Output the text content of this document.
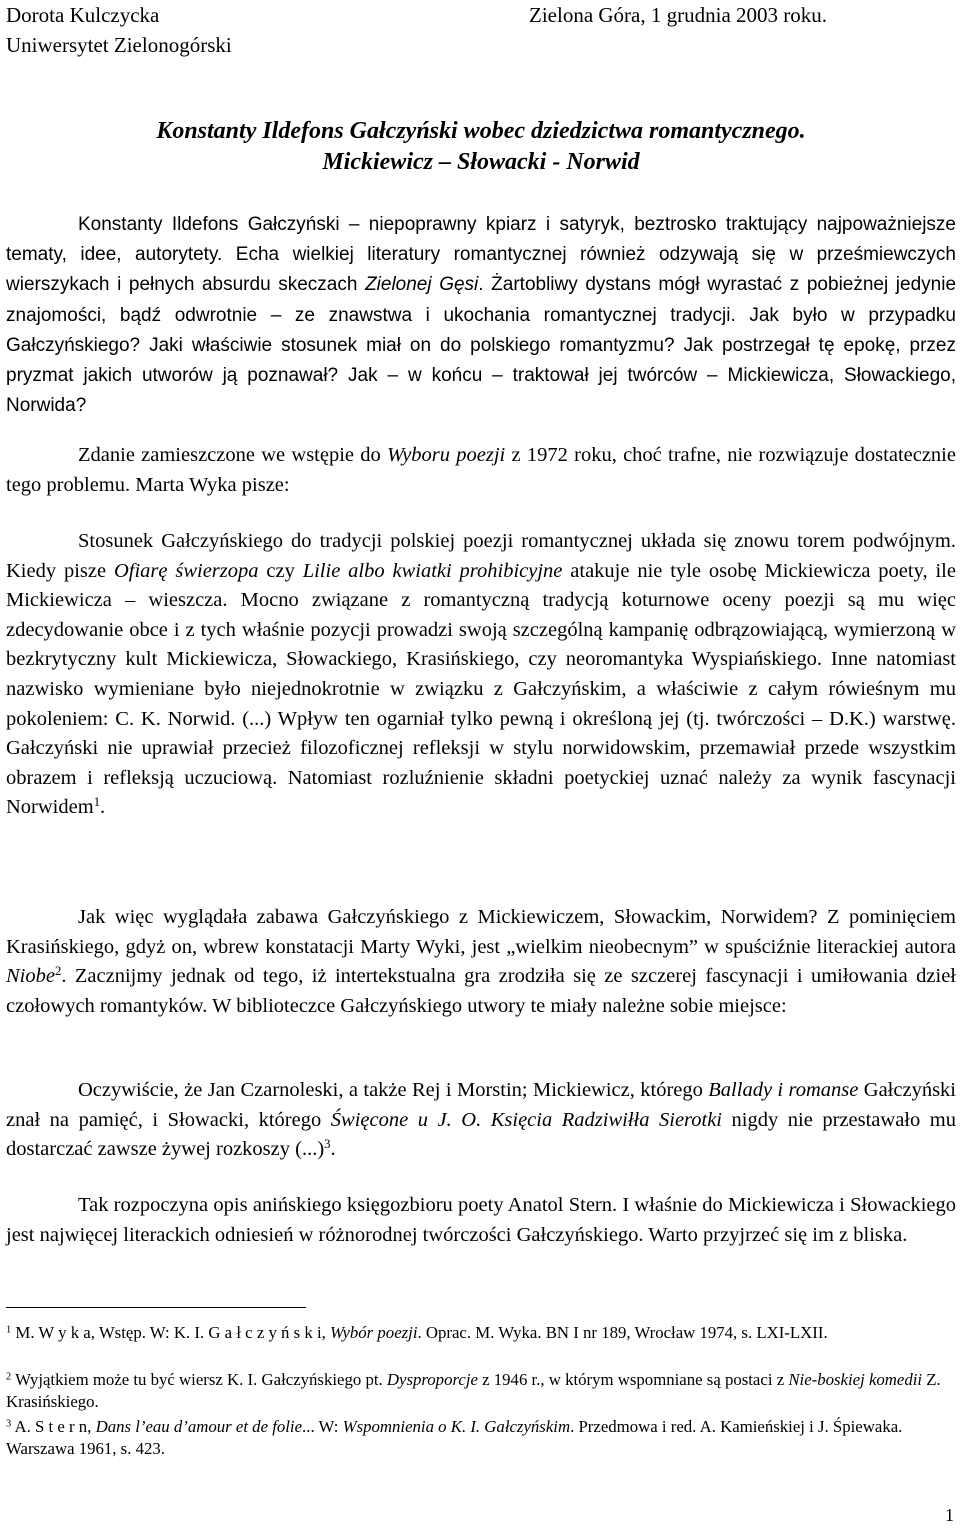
Dorota Kulczycka
Uniwersytet Zielonogórski
Zielona Góra, 1 grudnia 2003 roku.
Konstanty Ildefons Gałczyński wobec dziedzictwa romantycznego.
Mickiewicz – Słowacki - Norwid
Konstanty Ildefons Gałczyński – niepoprawny kpiarz i satyryk, beztrosko traktujący najpoważniejsze tematy, idee, autorytety. Echa wielkiej literatury romantycznej również odzywają się w prześmiewczych wierszykach i pełnych absurdu skeczach Zielonej Gęsi. Żartobliwy dystans mógł wyrastać z pobieżnej jedynie znajomości, bądź odwrotnie – ze znawstwa i ukochania romantycznej tradycji. Jak było w przypadku Gałczyńskiego? Jaki właściwie stosunek miał on do polskiego romantyzmu? Jak postrzegał tę epokę, przez pryzmat jakich utworów ją poznawał? Jak – w końcu – traktował jej twórców – Mickiewicza, Słowackiego, Norwida?
Zdanie zamieszczone we wstępie do Wyboru poezji z 1972 roku, choć trafne, nie rozwiązuje dostatecznie tego problemu. Marta Wyka pisze:
Stosunek Gałczyńskiego do tradycji polskiej poezji romantycznej układa się znowu torem podwójnym. Kiedy pisze Ofiarę świerzopa czy Lilie albo kwiatki prohibicyjne atakuje nie tyle osobę Mickiewicza poety, ile Mickiewicza – wieszcza. Mocno związane z romantyczną tradycją koturnowe oceny poezji są mu więc zdecydowanie obce i z tych właśnie pozycji prowadzi swoją szczególną kampanię odbrązowiającą, wymierzoną w bezkrytyczny kult Mickiewicza, Słowackiego, Krasińskiego, czy neoromantyka Wyspiańskiego. Inne natomiast nazwisko wymieniane było niejednokrotnie w związku z Gałczyńskim, a właściwie z całym rówieśnym mu pokoleniem: C. K. Norwid. (...) Wpływ ten ogarniał tylko pewną i określoną jej (tj. twórczości – D.K.) warstwę. Gałczyński nie uprawiał przecież filozoficznej refleksji w stylu norwidowskim, przemawiał przede wszystkim obrazem i refleksją uczuciową. Natomiast rozluźnienie składni poetyckiej uznać należy za wynik fascynacji Norwidem$^1$.
Jak więc wyglądała zabawa Gałczyńskiego z Mickiewiczem, Słowackim, Norwidem? Z pominięciem Krasińskiego, gdyż on, wbrew konstatacji Marty Wyki, jest „wielkim nieobecnym” w spuściźnie literackiej autora Niobe$^2$. Zacznijmy jednak od tego, iż intertekstualna gra zrodziła się ze szczerej fascynacji i umiłowania dzieł czołowych romantyków. W biblioteczce Gałczyńskiego utwory te miały należne sobie miejsce:
Oczywiście, że Jan Czarnoleski, a także Rej i Morstin; Mickiewicz, którego Ballady i romanse Gałczyński znał na pamięć, i Słowacki, którego Święcone u J. O. Księcia Radziwiłła Sierotki nigdy nie przestawało mu dostarczać zawsze żywej rozkoszy (...)$^3$.
Tak rozpoczyna opis anińskiego księgozbioru poety Anatol Stern. I właśnie do Mickiewicza i Słowackiego jest najwięcej literackich odniesień w różnorodnej twórczości Gałczyńskiego. Warto przyjrzeć się im z bliska.
$^1$ M. W y k a, Wstęp. W: K. I. G a ł c z y ń s k i, Wybór poezji. Oprac. M. Wyka. BN I nr 189, Wrocław 1974, s. LXI-LXII.
$^2$ Wyjątkiem może tu być wiersz K. I. Gałczyńskiego pt. Dysproporcje z 1946 r., w którym wspomniane są postaci z Nie-boskiej komedii Z. Krasińskiego.
$^3$ A. S t e r n, Dans l’eau d’amour et de folie... W: Wspomnienia o K. I. Gałczyńskim. Przedmowa i red. A. Kamieńskiej i J. Śpiewaka. Warszawa 1961, s. 423.
1
